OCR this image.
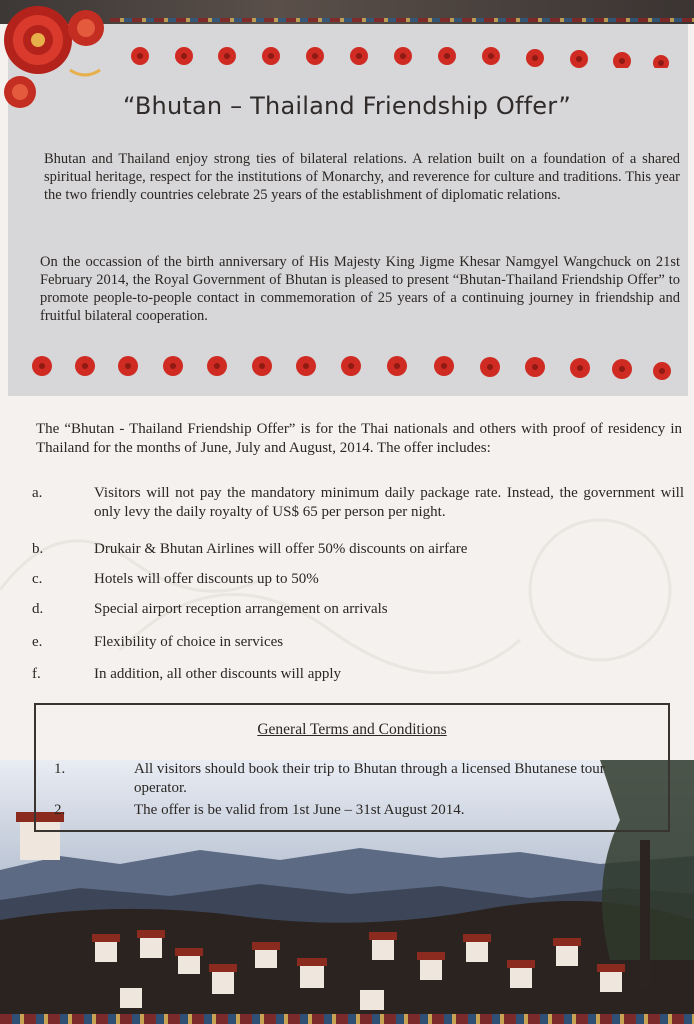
“Bhutan – Thailand Friendship Offer”

Bhutan and Thailand enjoy strong ties of bilateral relations. A relation built on a foundation of a shared spiritual heritage, respect for the institutions of Monarchy, and reverence for culture and traditions. This year the two friendly countries celebrate 25 years of the establishment of diplomatic relations.

On the occassion of the birth anniversary of His Majesty King Jigme Khesar Namgyel Wangchuck on 21st February 2014, the Royal Government of Bhutan is pleased to present “Bhutan-Thailand Friendship Offer” to promote people-to-people contact in commemoration of 25 years of a continuing journey in friendship and fruitful bilateral cooperation.

The “Bhutan - Thailand Friendship Offer” is for the Thai nationals and others with proof of residency in Thailand for the months of June, July and August, 2014. The offer includes:

a.	Visitors will not pay the mandatory minimum daily package rate. Instead, the government will only levy the daily royalty of US$ 65 per person per night.
b.	Drukair & Bhutan Airlines will offer 50% discounts on airfare
c.	Hotels will offer discounts up to 50%
d.	Special airport reception arrangement on arrivals
e.	Flexibility of choice in services
f.	In addition, all other discounts will apply
General Terms and Conditions
1.	All visitors should book their trip to Bhutan through a licensed Bhutanese tour operator.
2.	The offer is be valid from 1st June – 31st August 2014.
